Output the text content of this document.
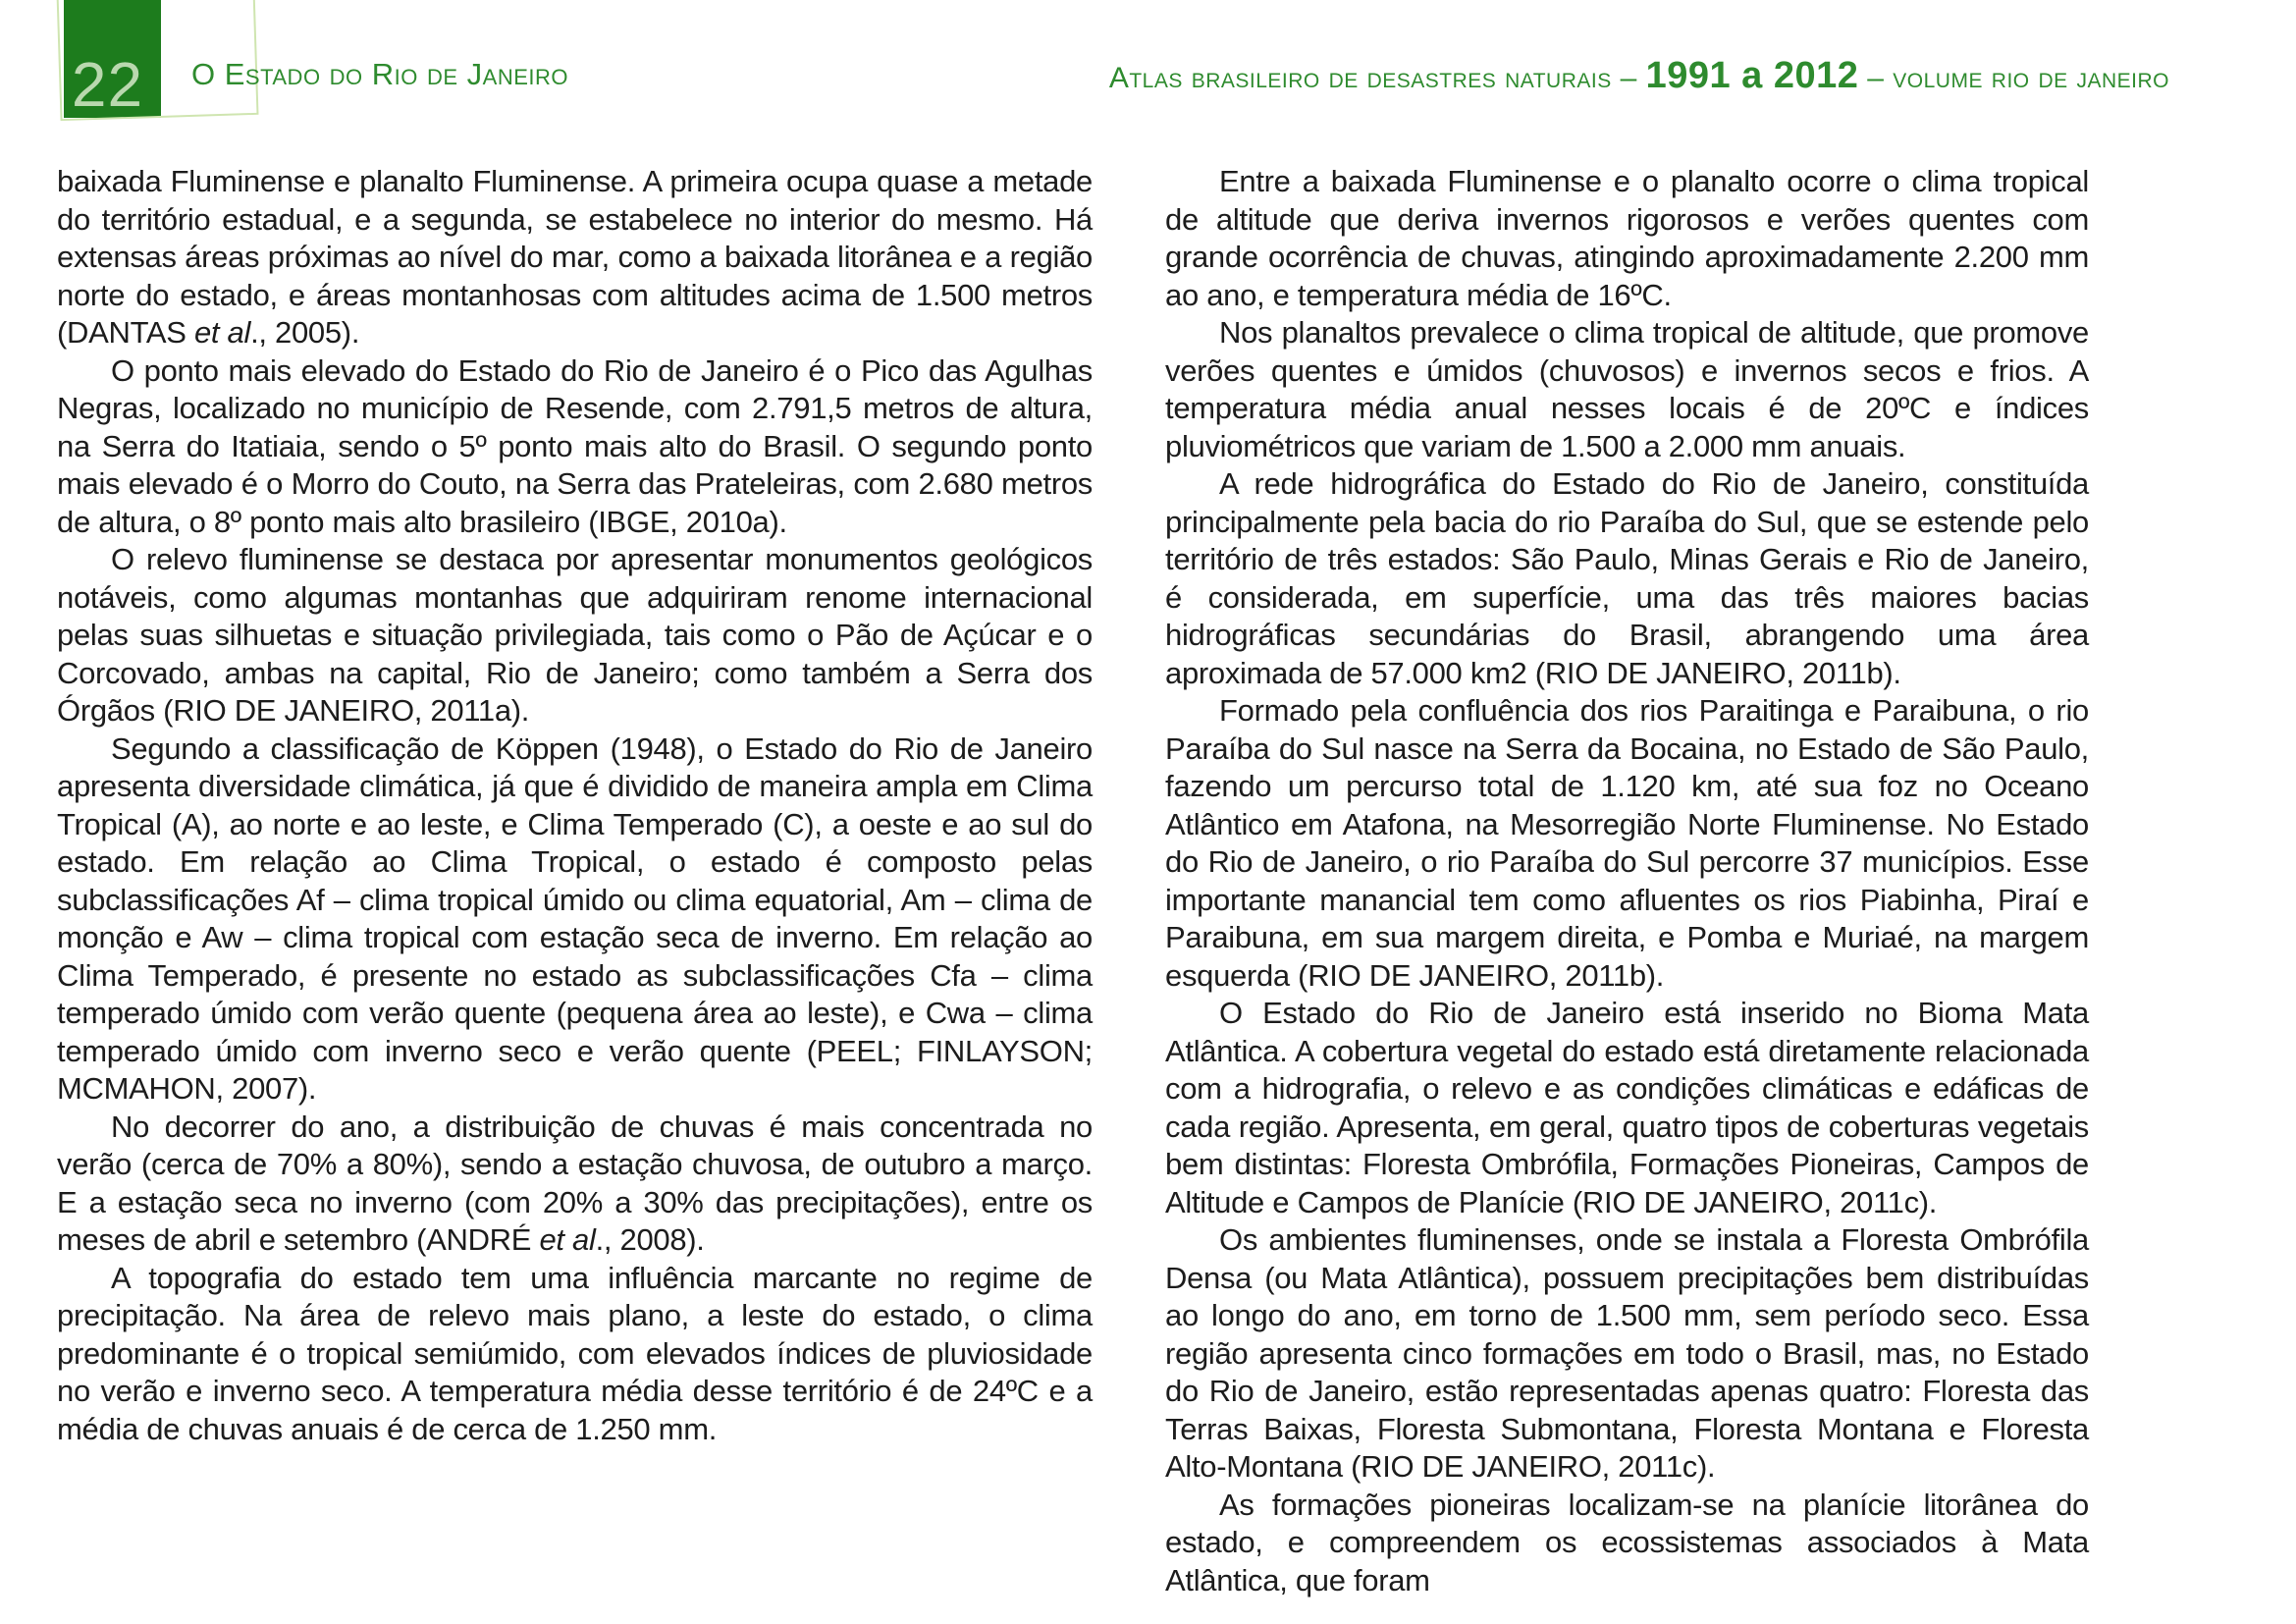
22 O Estado do Rio de Janeiro	Atlas brasileiro de desastres naturais – 1991 a 2012 – volume rio de janeiro

baixada Fluminense e planalto Fluminense. A primeira ocupa quase a metade do território estadual, e a segunda, se estabelece no interior do mesmo. Há extensas áreas próximas ao nível do mar, como a baixada litorânea e a região norte do estado, e áreas montanhosas com altitudes acima de 1.500 metros (DANTAS et al., 2005).

O ponto mais elevado do Estado do Rio de Janeiro é o Pico das Agulhas Negras, localizado no município de Resende, com 2.791,5 metros de altura, na Serra do Itatiaia, sendo o 5º ponto mais alto do Brasil. O segundo ponto mais elevado é o Morro do Couto, na Serra das Prateleiras, com 2.680 metros de altura, o 8º ponto mais alto brasileiro (IBGE, 2010a).

O relevo fluminense se destaca por apresentar monumentos geológicos notáveis, como algumas montanhas que adquiriram renome internacional pelas suas silhuetas e situação privilegiada, tais como o Pão de Açúcar e o Corcovado, ambas na capital, Rio de Janeiro; como também a Serra dos Órgãos (RIO DE JANEIRO, 2011a).

Segundo a classificação de Köppen (1948), o Estado do Rio de Janeiro apresenta diversidade climática, já que é dividido de maneira ampla em Clima Tropical (A), ao norte e ao leste, e Clima Temperado (C), a oeste e ao sul do estado. Em relação ao Clima Tropical, o estado é composto pelas subclassificações Af – clima tropical úmido ou clima equatorial, Am – clima de monção e Aw – clima tropical com estação seca de inverno. Em relação ao Clima Temperado, é presente no estado as subclassificações Cfa – clima temperado úmido com verão quente (pequena área ao leste), e Cwa – clima temperado úmido com inverno seco e verão quente (PEEL; FINLAYSON; MCMAHON, 2007).

No decorrer do ano, a distribuição de chuvas é mais concentrada no verão (cerca de 70% a 80%), sendo a estação chuvosa, de outubro a março. E a estação seca no inverno (com 20% a 30% das precipitações), entre os meses de abril e setembro (ANDRÉ et al., 2008).

A topografia do estado tem uma influência marcante no regime de precipitação. Na área de relevo mais plano, a leste do estado, o clima predominante é o tropical semiúmido, com elevados índices de pluviosidade no verão e inverno seco. A temperatura média desse território é de 24ºC e a média de chuvas anuais é de cerca de 1.250 mm.

Entre a baixada Fluminense e o planalto ocorre o clima tropical de altitude que deriva invernos rigorosos e verões quentes com grande ocorrência de chuvas, atingindo aproximadamente 2.200 mm ao ano, e temperatura média de 16ºC.

Nos planaltos prevalece o clima tropical de altitude, que promove verões quentes e úmidos (chuvosos) e invernos secos e frios. A temperatura média anual nesses locais é de 20ºC e índices pluviométricos que variam de 1.500 a 2.000 mm anuais.

A rede hidrográfica do Estado do Rio de Janeiro, constituída principalmente pela bacia do rio Paraíba do Sul, que se estende pelo território de três estados: São Paulo, Minas Gerais e Rio de Janeiro, é considerada, em superfície, uma das três maiores bacias hidrográficas secundárias do Brasil, abrangendo uma área aproximada de 57.000 km2 (RIO DE JANEIRO, 2011b).

Formado pela confluência dos rios Paraitinga e Paraibuna, o rio Paraíba do Sul nasce na Serra da Bocaina, no Estado de São Paulo, fazendo um percurso total de 1.120 km, até sua foz no Oceano Atlântico em Atafona, na Mesorregião Norte Fluminense. No Estado do Rio de Janeiro, o rio Paraíba do Sul percorre 37 municípios. Esse importante manancial tem como afluentes os rios Piabinha, Piraí e Paraibuna, em sua margem direita, e Pomba e Muriaé, na margem esquerda (RIO DE JANEIRO, 2011b).

O Estado do Rio de Janeiro está inserido no Bioma Mata Atlântica. A cobertura vegetal do estado está diretamente relacionada com a hidrografia, o relevo e as condições climáticas e edáficas de cada região. Apresenta, em geral, quatro tipos de coberturas vegetais bem distintas: Floresta Ombrófila, Formações Pioneiras, Campos de Altitude e Campos de Planície (RIO DE JANEIRO, 2011c).

Os ambientes fluminenses, onde se instala a Floresta Ombrófila Densa (ou Mata Atlântica), possuem precipitações bem distribuídas ao longo do ano, em torno de 1.500 mm, sem período seco. Essa região apresenta cinco formações em todo o Brasil, mas, no Estado do Rio de Janeiro, estão representadas apenas quatro: Floresta das Terras Baixas, Floresta Submontana, Floresta Montana e Floresta Alto-Montana (RIO DE JANEIRO, 2011c).

As formações pioneiras localizam-se na planície litorânea do estado, e compreendem os ecossistemas associados à Mata Atlântica, que foram
